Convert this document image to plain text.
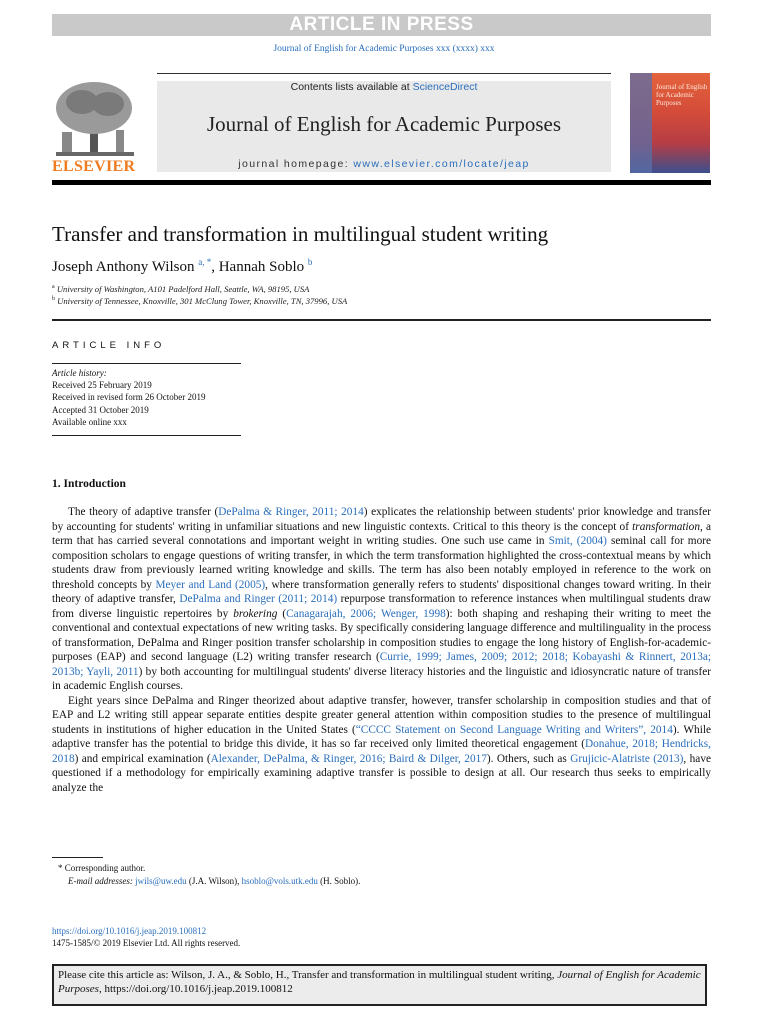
ARTICLE IN PRESS
Journal of English for Academic Purposes xxx (xxxx) xxx
ELSEVIER
Contents lists available at ScienceDirect
Journal of English for Academic Purposes
journal homepage: www.elsevier.com/locate/jeap
Journal of English for Academic Purposes
Transfer and transformation in multilingual student writing
Joseph Anthony Wilson $^{a, *}$, Hannah Soblo $^b$
$^a$ University of Washington, A101 Padelford Hall, Seattle, WA, 98195, USA
$^b$ University of Tennessee, Knoxville, 301 McClung Tower, Knoxville, TN, 37996, USA
ARTICLE INFO
Article history:
Received 25 February 2019
Received in revised form 26 October 2019
Accepted 31 October 2019
Available online xxx
1. Introduction

The theory of adaptive transfer (DePalma & Ringer, 2011; 2014) explicates the relationship between students' prior knowledge and transfer by accounting for students' writing in unfamiliar situations and new linguistic contexts. Critical to this theory is the concept of transformation, a term that has carried several connotations and important weight in writing studies. One such use came in Smit, (2004) seminal call for more composition scholars to engage questions of writing transfer, in which the term transformation highlighted the cross-contextual means by which students draw from previously learned writing knowledge and skills. The term has also been notably employed in reference to the work on threshold concepts by Meyer and Land (2005), where transformation generally refers to students' dispositional changes toward writing. In their theory of adaptive transfer, DePalma and Ringer (2011; 2014) repurpose transformation to reference instances when multilingual students draw from diverse linguistic repertoires by brokering (Canagarajah, 2006; Wenger, 1998): both shaping and reshaping their writing to meet the conventional and contextual expectations of new writing tasks. By specifically considering language difference and multilinguality in the process of transformation, DePalma and Ringer position transfer scholarship in composition studies to engage the long history of English-for-academic-purposes (EAP) and second language (L2) writing transfer research (Currie, 1999; James, 2009; 2012; 2018; Kobayashi & Rinnert, 2013a; 2013b; Yayli, 2011) by both accounting for multilingual students' diverse literacy histories and the linguistic and idiosyncratic nature of transfer in academic English courses.

Eight years since DePalma and Ringer theorized about adaptive transfer, however, transfer scholarship in composition studies and that of EAP and L2 writing still appear separate entities despite greater general attention within composition studies to the presence of multilingual students in institutions of higher education in the United States (“CCCC Statement on Second Language Writing and Writers”, 2014). While adaptive transfer has the potential to bridge this divide, it has so far received only limited theoretical engagement (Donahue, 2018; Hendricks, 2018) and empirical examination (Alexander, DePalma, & Ringer, 2016; Baird & Dilger, 2017). Others, such as Grujicic-Alatriste (2013), have questioned if a methodology for empirically examining adaptive transfer is possible to design at all. Our research thus seeks to empirically analyze the

* Corresponding author.
E-mail addresses: jwils@uw.edu (J.A. Wilson), hsoblo@vols.utk.edu (H. Soblo).
https://doi.org/10.1016/j.jeap.2019.100812
1475-1585/© 2019 Elsevier Ltd. All rights reserved.
Please cite this article as: Wilson, J. A., & Soblo, H., Transfer and transformation in multilingual student writing, Journal of English for Academic Purposes, https://doi.org/10.1016/j.jeap.2019.100812
